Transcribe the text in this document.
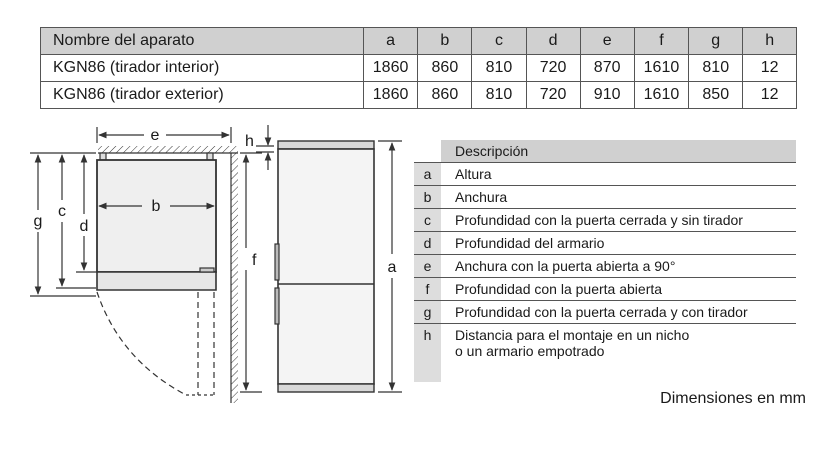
Nombre del aparato	a	b	c	d	e	f	g	h
KGN86 (tirador interior)	1860	860	810	720	870	1610	810	12
KGN86 (tirador exterior)	1860	860	810	720	910	1610	850	12
e
b
g
c
d
f
h
a
Descripción
a	Altura
b	Anchura
c	Profundidad con la puerta cerrada y sin tirador
d	Profundidad del armario
e	Anchura con la puerta abierta a 90°
f	Profundidad con la puerta abierta
g	Profundidad con la puerta cerrada y con tirador
h	Distancia para el montaje en un nicho
o un armario empotrado
Dimensiones en mm
